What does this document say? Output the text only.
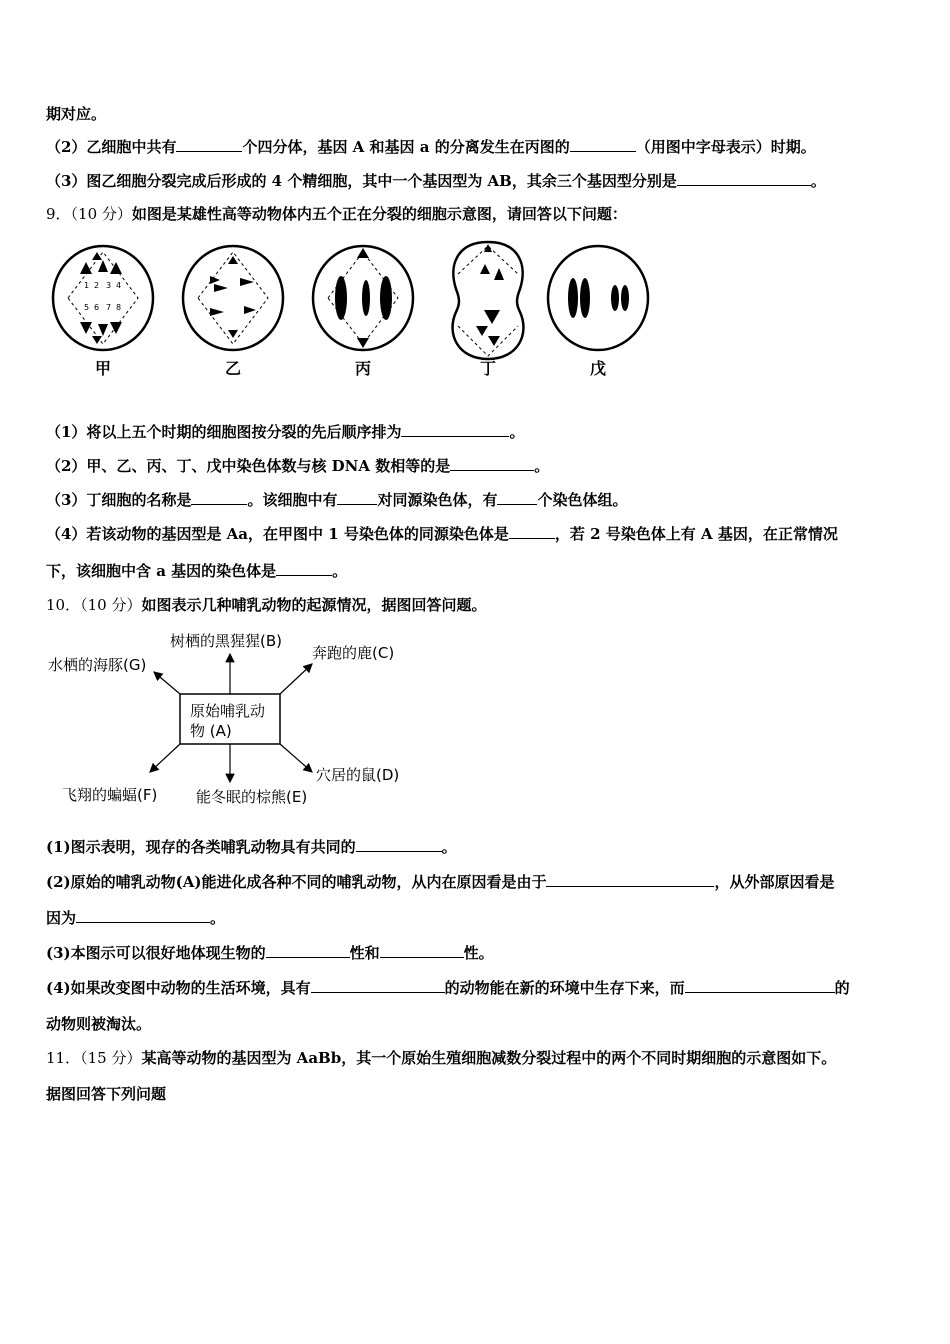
期对应。
（2）乙细胞中共有	个四分体，基因 A 和基因 a 的分离发生在丙图的	（用图中字母表示）时期。
（3）图乙细胞分裂完成后形成的 4 个精细胞，其中一个基因型为 AB，其余三个基因型分别是	。
9．（10 分）如图是某雄性高等动物体内五个正在分裂的细胞示意图，请回答以下问题：
1 2 3 4
5 6 7 8
甲	乙	丙	丁	戊
（1）将以上五个时期的细胞图按分裂的先后顺序排为	。
（2）甲、乙、丙、丁、戊中染色体数与核 DNA 数相等的是	。
（3）丁细胞的名称是	。该细胞中有	对同源染色体，有	个染色体组。
（4）若该动物的基因型是 Aa，在甲图中 1 号染色体的同源染色体是	，若 2 号染色体上有 A 基因，在正常情况
下，该细胞中含 a 基因的染色体是	。
10．（10 分）如图表示几种哺乳动物的起源情况，据图回答问题。
原始哺乳动
物 (A)
树栖的黑猩猩(B)
奔跑的鹿(C)
水栖的海豚(G)
穴居的鼠(D)
能冬眠的棕熊(E)
飞翔的蝙蝠(F)
(1)图示表明，现存的各类哺乳动物具有共同的	。
(2)原始的哺乳动物(A)能进化成各种不同的哺乳动物，从内在原因看是由于	，从外部原因看是
因为	。
(3)本图示可以很好地体现生物的	性和	性。
(4)如果改变图中动物的生活环境，具有	的动物能在新的环境中生存下来，而	的
动物则被淘汰。
11．（15 分）某高等动物的基因型为 AaBb，其一个原始生殖细胞减数分裂过程中的两个不同时期细胞的示意图如下。
据图回答下列问题
